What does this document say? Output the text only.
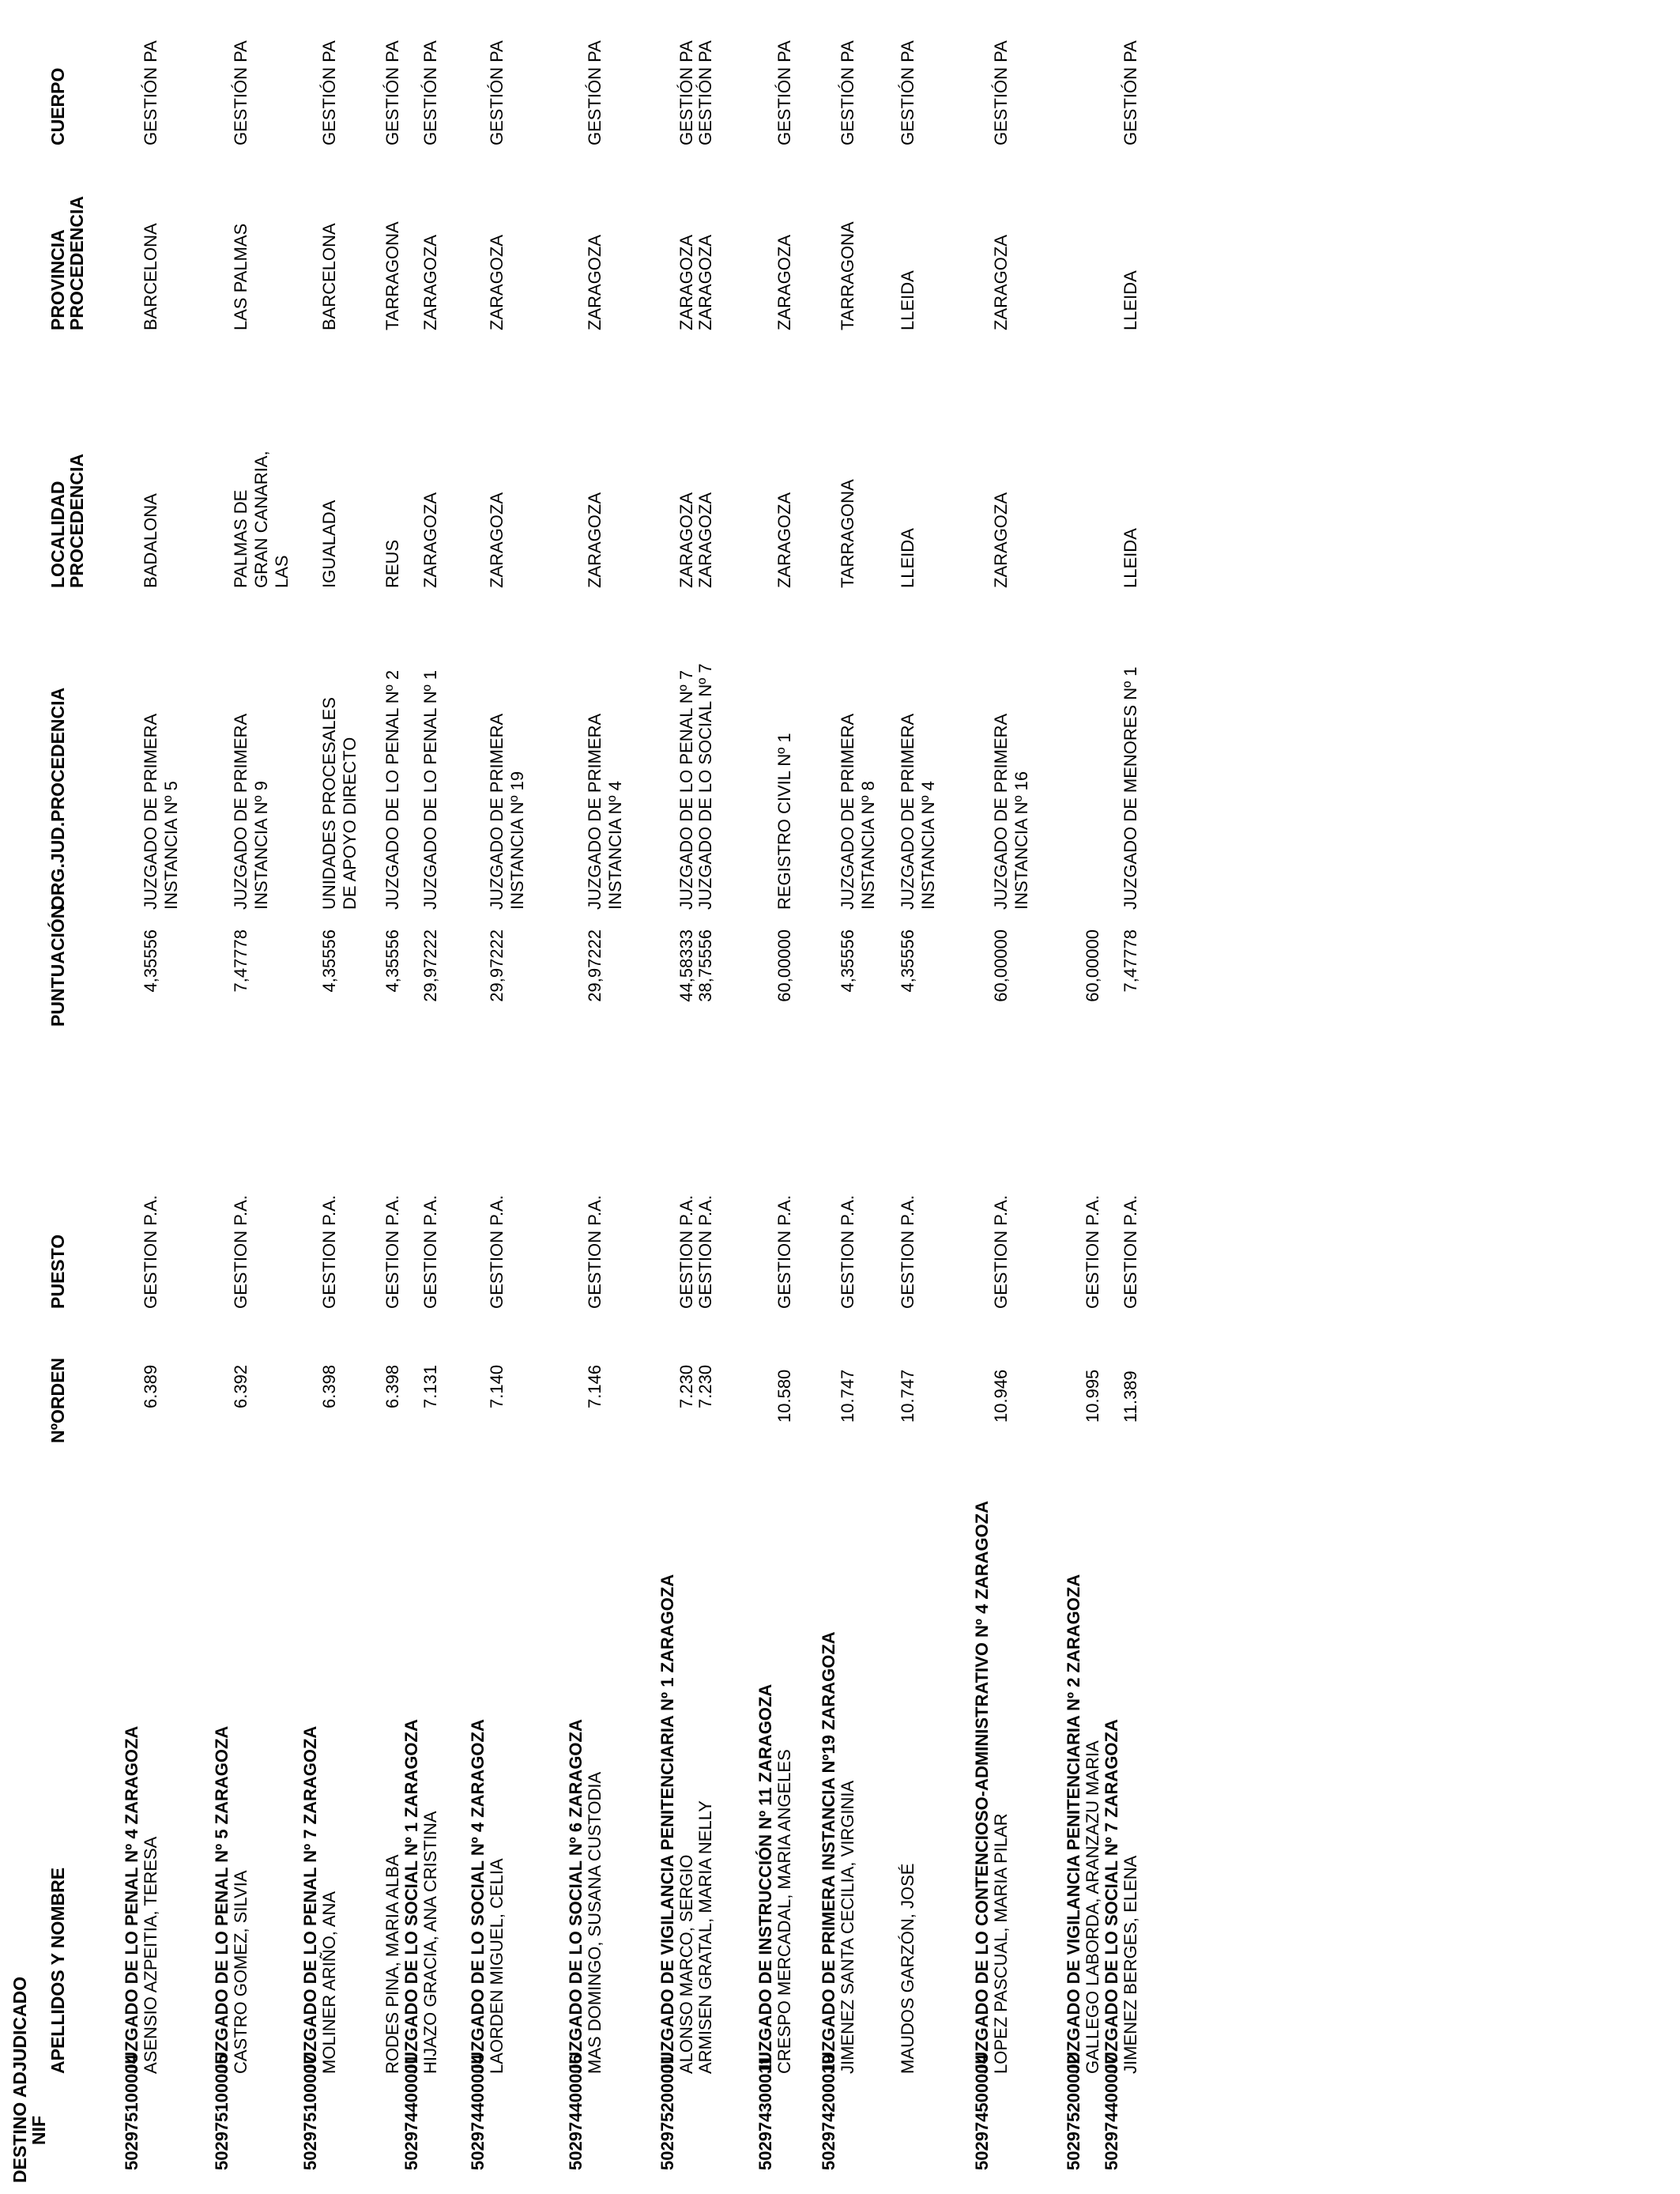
DESTINO ADJUDICADO
NIF
APELLIDOS Y NOMBRE
NºORDEN
PUESTO
PUNTUACIÓN
ORG.JUD.PROCEDENCIA
LOCALIDAD
PROCEDENCIA
PROVINCIA
PROCEDENCIA
CUERPO
502975100004
JUZGADO DE LO PENAL Nº 4 ZARAGOZA ASENSIO AZPEITIA, TERESA
6.389
GESTION P.A.
4,35556
JUZGADO DE PRIMERA INSTANCIA Nº 5
BADALONA
BARCELONA
GESTIÓN PA
502975100005
JUZGADO DE LO PENAL Nº 5 ZARAGOZA CASTRO GOMEZ, SILVIA
6.392
GESTION P.A.
7,47778
JUZGADO DE PRIMERA INSTANCIA Nº 9
PALMAS DE GRAN CANARIA, LAS
LAS PALMAS
GESTIÓN PA
502975100007
JUZGADO DE LO PENAL Nº 7 ZARAGOZA MOLINER ARIÑO, ANA
6.398
GESTION P.A.
4,35556
UNIDADES PROCESALES DE APOYO DIRECTO
IGUALADA
BARCELONA
GESTIÓN PA
RODES PINA, MARIA ALBA
6.398
GESTION P.A.
4,35556
JUZGADO DE LO PENAL Nº 2
REUS
TARRAGONA
GESTIÓN PA
502974400001
JUZGADO DE LO SOCIAL Nº 1 ZARAGOZA HIJAZO GRACIA, ANA CRISTINA
7.131
GESTION P.A.
29,97222
JUZGADO DE LO PENAL Nº 1
ZARAGOZA
ZARAGOZA
GESTIÓN PA
502974400004
JUZGADO DE LO SOCIAL Nº 4 ZARAGOZA LAORDEN MIGUEL, CELIA
7.140
GESTION P.A.
29,97222
JUZGADO DE PRIMERA INSTANCIA Nº 19
ZARAGOZA
ZARAGOZA
GESTIÓN PA
502974400006
JUZGADO DE LO SOCIAL Nº 6 ZARAGOZA MAS DOMINGO, SUSANA CUSTODIA
7.146
GESTION P.A.
29,97222
JUZGADO DE PRIMERA INSTANCIA Nº 4
ZARAGOZA
ZARAGOZA
GESTIÓN PA
502975200001
JUZGADO DE VIGILANCIA PENITENCIARIA Nº 1 ZARAGOZA ALONSO MARCO, SERGIO
7.230
GESTION P.A.
44,58333
JUZGADO DE LO PENAL Nº 7
ZARAGOZA
ZARAGOZA
GESTIÓN PA
ARMISEN GRATAL, MARIA NELLY
7.230
GESTION P.A.
38,75556
JUZGADO DE LO SOCIAL Nº 7
ZARAGOZA
ZARAGOZA
GESTIÓN PA
502974300011
JUZGADO DE INSTRUCCIÓN Nº 11 ZARAGOZA CRESPO MERCADAL, MARIA ANGELES
10.580
GESTION P.A.
60,00000
REGISTRO CIVIL Nº 1
ZARAGOZA
ZARAGOZA
GESTIÓN PA
502974200019
JUZGADO DE PRIMERA INSTANCIA Nº19 ZARAGOZA JIMENEZ SANTA CECILIA, VIRGINIA
10.747
GESTION P.A.
4,35556
JUZGADO DE PRIMERA INSTANCIA Nº 8
TARRAGONA
TARRAGONA
GESTIÓN PA
MAUDOS GARZÓN, JOSÉ
10.747
GESTION P.A.
4,35556
JUZGADO DE PRIMERA INSTANCIA Nº 4
LLEIDA
LLEIDA
GESTIÓN PA
502974500004
JUZGADO DE LO CONTENCIOSO-ADMINISTRATIVO Nº 4 ZARAGOZA LOPEZ PASCUAL, MARIA PILAR
10.946
GESTION P.A.
60,00000
JUZGADO DE PRIMERA INSTANCIA Nº 16
ZARAGOZA
ZARAGOZA
GESTIÓN PA
502975200002
JUZGADO DE VIGILANCIA PENITENCIARIA Nº 2 ZARAGOZA GALLEGO LABORDA, ARANZAZU MARIA
10.995
GESTION P.A.
60,00000
502974400007
JUZGADO DE LO SOCIAL Nº 7 ZARAGOZA JIMENEZ BERGES, ELENA
11.389
GESTION P.A.
7,47778
JUZGADO DE MENORES Nº 1
LLEIDA
LLEIDA
GESTIÓN PA
